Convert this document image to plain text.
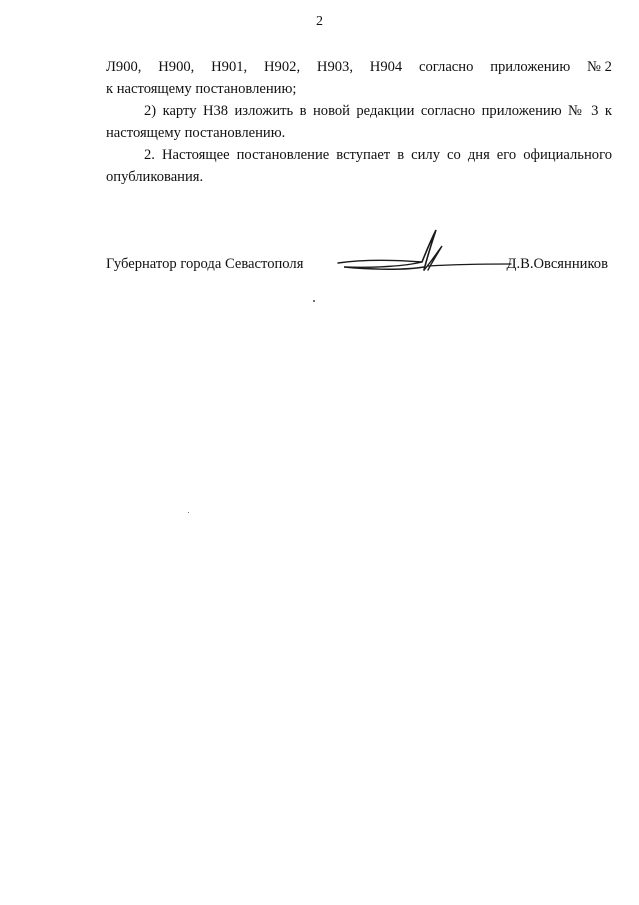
2
Л900, Н900, Н901, Н902, Н903, Н904 согласно приложению № 2

к настоящему постановлению;

2) карту Н38 изложить в новой редакции согласно приложению № 3 к настоящему постановлению.

2. Настоящее постановление вступает в силу со дня его официального опубликования.

Губернатор города Севастополя	Д.В.Овсянников
